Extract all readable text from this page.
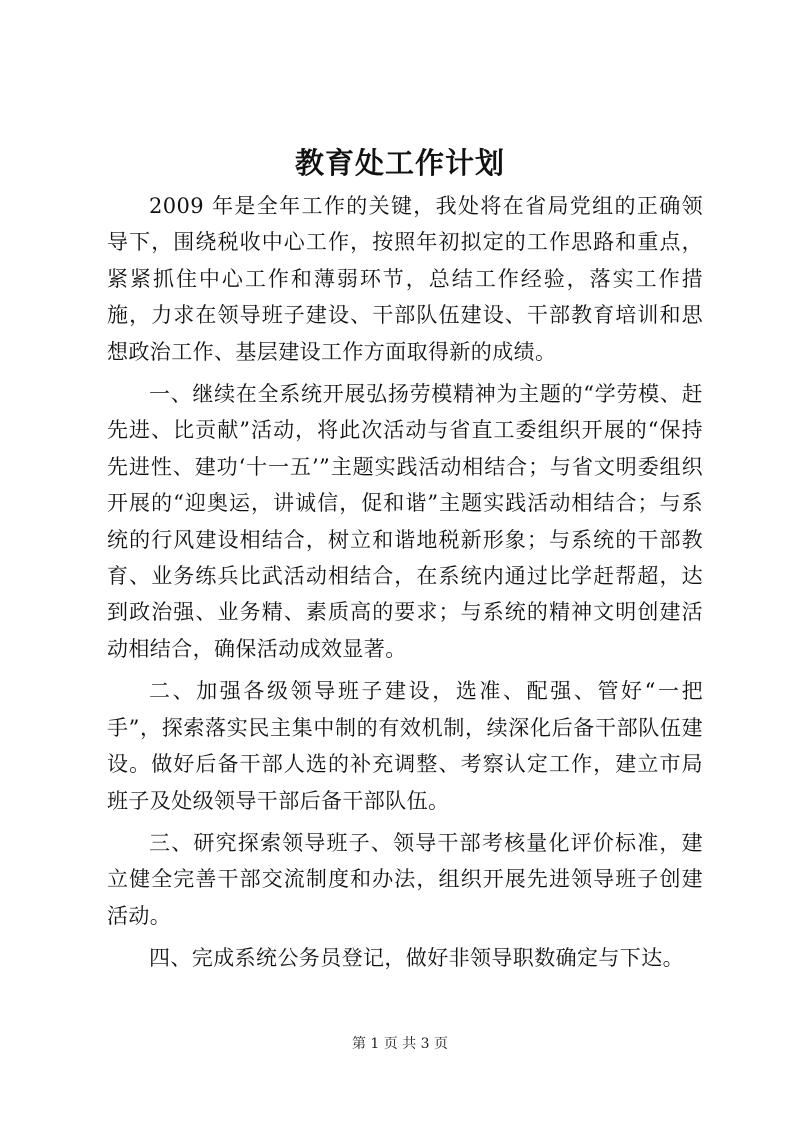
教育处工作计划

2009 年是全年工作的关键，我处将在省局党组的正确领导下，围绕税收中心工作，按照年初拟定的工作思路和重点，紧紧抓住中心工作和薄弱环节，总结工作经验，落实工作措施，力求在领导班子建设、干部队伍建设、干部教育培训和思想政治工作、基层建设工作方面取得新的成绩。

一、继续在全系统开展弘扬劳模精神为主题的“学劳模、赶先进、比贡献”活动，将此次活动与省直工委组织开展的“保持先进性、建功‘十一五’”主题实践活动相结合；与省文明委组织开展的“迎奥运，讲诚信，促和谐”主题实践活动相结合；与系统的行风建设相结合，树立和谐地税新形象；与系统的干部教育、业务练兵比武活动相结合，在系统内通过比学赶帮超，达到政治强、业务精、素质高的要求；与系统的精神文明创建活动相结合，确保活动成效显著。

二、加强各级领导班子建设，选准、配强、管好“一把手”，探索落实民主集中制的有效机制，续深化后备干部队伍建设。做好后备干部人选的补充调整、考察认定工作，建立市局班子及处级领导干部后备干部队伍。

三、研究探索领导班子、领导干部考核量化评价标准，建立健全完善干部交流制度和办法，组织开展先进领导班子创建活动。

四、完成系统公务员登记，做好非领导职数确定与下达。

第 1 页 共 3 页
